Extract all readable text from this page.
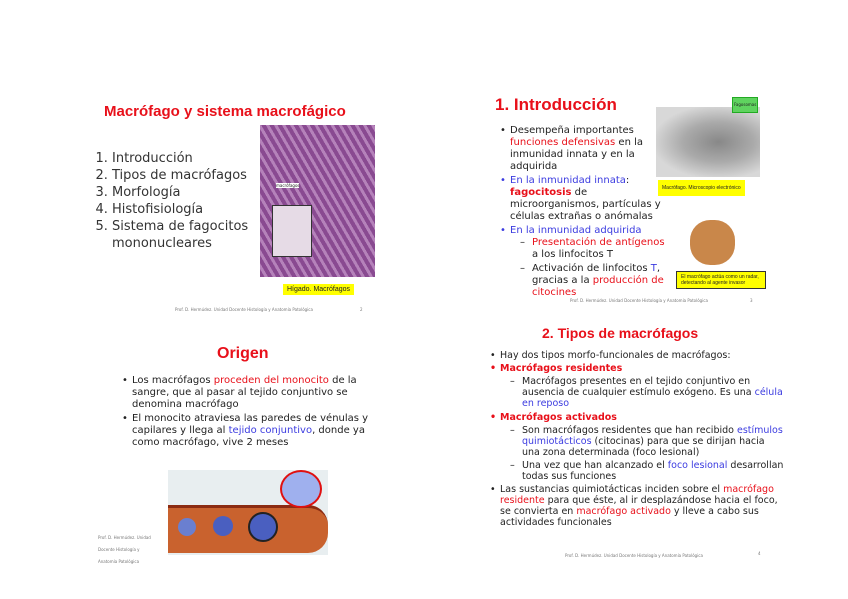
Macrófago y sistema macrofágico
1. Introducción
2. Tipos de macrófagos
3. Morfología
4. Histofisiología
5. Sistema de fagocitos mononucleares
macrófagos
Hígado. Macrófagos
Prof. D. Hermúdez. Unidad Docente Histología y Anatomía Patológica	2
1. Introducción
• Desempeña importantes funciones defensivas en la inmunidad innata y en la adquirida
• En la inmunidad innata:
fagocitosis de microorganismos, partículas y células extrañas o anómalas
• En la inmunidad adquirida
– Presentación de antígenos a los linfocitos T
– Activación de linfocitos T, gracias a la producción de citocines
Fagosomas
Macrófago. Microscopio electrónico
El macrófago actúa como un radar, detectando al agente invasor
Prof. D. Hermúdez. Unidad Docente Histología y Anatomía Patológica	3
Origen
• Los macrófagos proceden del monocito de la sangre, que al pasar al tejido conjuntivo se denomina macrófago
• El monocito atraviesa las paredes de vénulas y capilares y llega al tejido conjuntivo, donde ya como macrófago, vive 2 meses
Prof. D. Hermúdez. Unidad Docente Histología y Anatomía Patológica
2. Tipos de macrófagos
• Hay dos tipos morfo-funcionales de macrófagos:
• Macrófagos residentes
– Macrófagos presentes en el tejido conjuntivo en ausencia de cualquier estímulo exógeno. Es una célula en reposo
• Macrófagos activados
– Son macrófagos residentes que han recibido estímulos quimiotácticos (citocinas) para que se dirijan hacia una zona determinada (foco lesional)
– Una vez que han alcanzado el foco lesional desarrollan todas sus funciones
• Las sustancias quimiotácticas inciden sobre el macrófago residente para que éste, al ir desplazándose hacia el foco, se convierta en macrófago activado y lleve a cabo sus actividades funcionales
Prof. D. Hermúdez. Unidad Docente Histología y Anatomía Patológica	4
